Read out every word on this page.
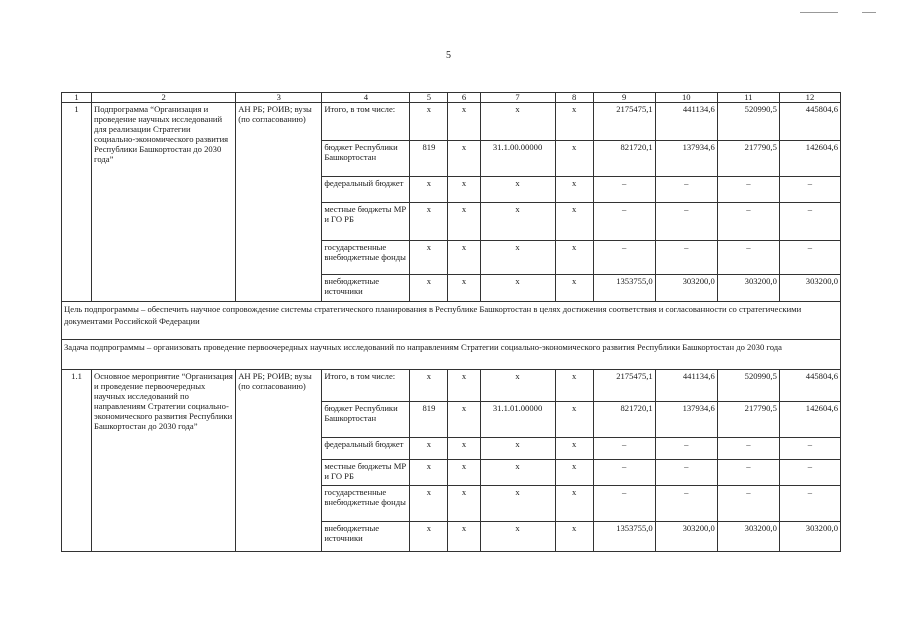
5
1	2	3	4	5	6	7	8	9	10	11	12
1	Подпрограмма “Организация и проведение научных исследований для реализации Стратегии социально-экономического развития Республики Башкортостан до 2030 года”	АН РБ; РОИВ; вузы (по согласованию)	Итого, в том числе:	x	x	x	x	2175475,1	441134,6	520990,5	445804,6
			бюджет Республики Башкортостан	819	x	31.1.00.00000	x	821720,1	137934,6	217790,5	142604,6
			федеральный бюджет	x	x	x	x	–	–	–	–
			местные бюджеты МР и ГО РБ	x	x	x	x	–	–	–	–
			государственные внебюджетные фонды	x	x	x	x	–	–	–	–
			внебюджетные источники	x	x	x	x	1353755,0	303200,0	303200,0	303200,0
Цель подпрограммы – обеспечить научное сопровождение системы стратегического планирования в Республике Башкортостан в целях достижения соответствия и согласованности со стратегическими документами Российской Федерации											
Задача подпрограммы – организовать проведение первоочередных научных исследований по направлениям Стратегии социально-экономического развития Республики Башкортостан до 2030 года											
1.1	Основное мероприятие “Организация и проведение первоочередных научных исследований по направлениям Стратегии социально-экономического развития Республики Башкортостан до 2030 года”	АН РБ; РОИВ; вузы (по согласованию)	Итого, в том числе:	x	x	x	x	2175475,1	441134,6	520990,5	445804,6
			бюджет Республики Башкортостан	819	x	31.1.01.00000	x	821720,1	137934,6	217790,5	142604,6
			федеральный бюджет	x	x	x	x	–	–	–	–
			местные бюджеты МР и ГО РБ	x	x	x	x	–	–	–	–
			государственные внебюджетные фонды	x	x	x	x	–	–	–	–
			внебюджетные источники	x	x	x	x	1353755,0	303200,0	303200,0	303200,0
